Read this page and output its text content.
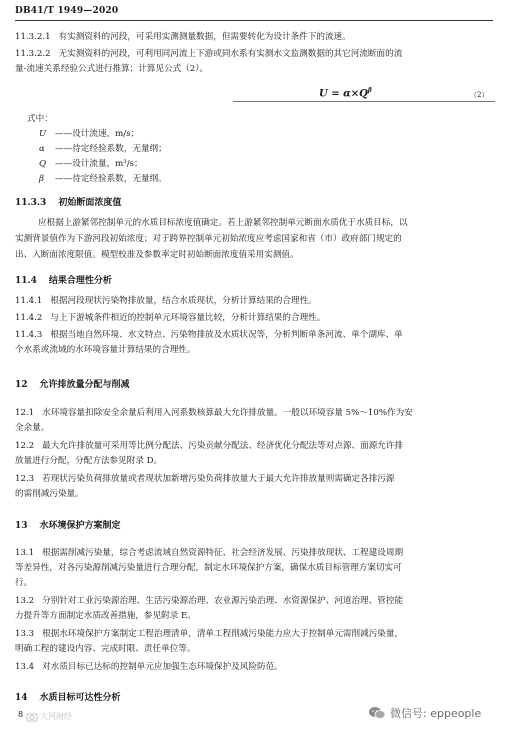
DB41/T 1949—2020
11.3.2.1 有实测资料的河段，可采用实测测量数据，但需要转化为设计条件下的流速。
11.3.2.2 无实测资料的河段，可利用同河流上下游或同水系有实测水文监测数据的其它河流断面的流
量-流速关系经验公式进行推算；计算见公式（2）。
$U = \alpha\times Q^\beta$
（2）
式中：
U ——设计流速，m/s；
α ——待定经验系数，无量纲；
Q ——设计流量，m³/s；
β ——待定经验系数，无量纲。
11.3.3 初始断面浓度值
应根据上游紧邻控制单元的水质目标浓度值确定。若上游紧邻控制单元断面水质优于水质目标，以
实测背景值作为下游河段初始浓度；对于跨界控制单元初始浓度应考虑国家和省（市）政府部门规定的
出、入断面浓度限值。模型校准及参数率定时初始断面浓度值采用实测值。
11.4 结果合理性分析
11.4.1 根据河段现状污染物排放量，结合水质现状，分析计算结果的合理性。
11.4.2 与上下游城条件相近的控制单元环境容量比较，分析计算结果的合理性。
11.4.3 根据当地自然环境、水文特点、污染物排放及水质状况等，分析判断单条河流、单个湖库、单
个水系或流域的水环境容量计算结果的合理性。
12 允许排放量分配与削减
12.1 水环境容量扣除安全余量后利用入河系数核算最大允许排放量。一般以环境容量 5%～10%作为安
全余量。
12.2 最大允许排放量可采用等比例分配法、污染贡献分配法、经济优化分配法等对点源、面源允许排
放量进行分配，分配方法参见附录 D。
12.3 若现状污染负荷排放量或者现状加新增污染负荷排放量大于最大允许排放量则需确定各排污源
的需削减污染量。
13 水环境保护方案制定
13.1 根据需削减污染量，综合考虑流域自然资源特征、社会经济发展、污染排放现状、工程建设周期
等差异性，对各污染源削减污染量进行合理分配，制定水环境保护方案，确保水质目标管理方案切实可
行。
13.2 分别针对工业污染源治理、生活污染源治理、农业源污染治理、水资源保护、河道治理、管控能
力提升等方面制定水质改善措施，参见附录 E。
13.3 根据水环境保护方案制定工程治理清单，清单工程削减污染能力应大于控制单元需削减污染量，
明确工程的建设内容、完成时限、责任单位等。
13.4 对水质目标已达标的控制单元应加强生态环境保护及风险防范。
14 水质目标可达性分析
8 大河财经	微信号: eppeople
